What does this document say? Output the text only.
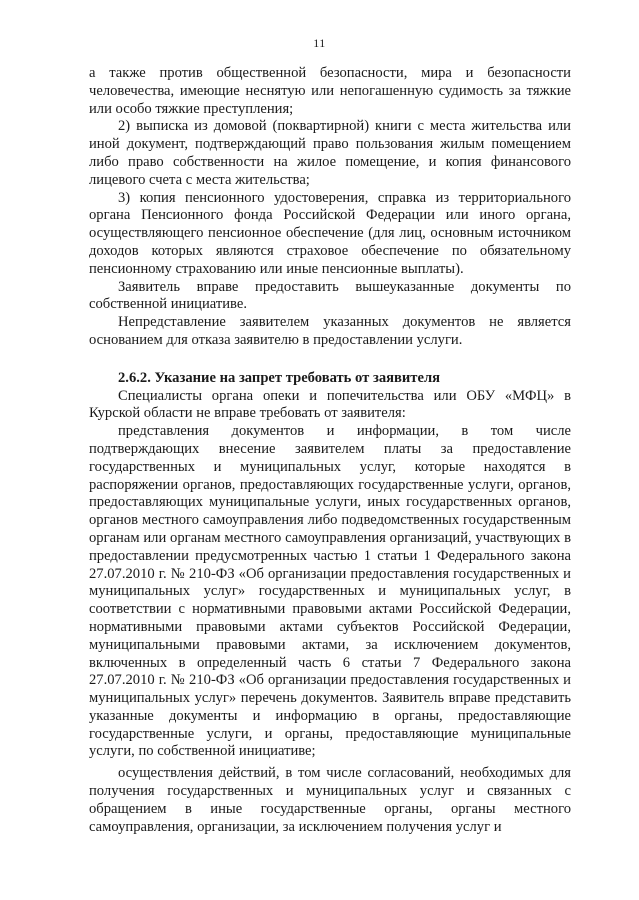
11

а также против общественной безопасности, мира и безопасности человечества, имеющие неснятую или непогашенную судимость за тяжкие или особо тяжкие преступления;

2) выписка из домовой (поквартирной) книги с места жительства или иной документ, подтверждающий право пользования жилым помещением либо право собственности на жилое помещение, и копия финансового лицевого счета с места жительства;

3) копия пенсионного удостоверения, справка из территориального органа Пенсионного фонда Российской Федерации или иного органа, осуществляющего пенсионное обеспечение (для лиц, основным источником доходов которых являются страховое обеспечение по обязательному пенсионному страхованию или иные пенсионные выплаты).

Заявитель вправе предоставить вышеуказанные документы по собственной инициативе.

Непредставление заявителем указанных документов не является основанием для отказа заявителю в предоставлении услуги.

2.6.2. Указание на запрет требовать от заявителя

Специалисты органа опеки и попечительства или ОБУ «МФЦ» в Курской области не вправе требовать от заявителя:

представления документов и информации, в том числе подтверждающих внесение заявителем платы за предоставление государственных и муниципальных услуг, которые находятся в распоряжении органов, предоставляющих государственные услуги, органов, предоставляющих муниципальные услуги, иных государственных органов, органов местного самоуправления либо подведомственных государственным органам или органам местного самоуправления организаций, участвующих в предоставлении предусмотренных частью 1 статьи 1 Федерального закона 27.07.2010 г. № 210-ФЗ «Об организации предоставления государственных и муниципальных услуг» государственных и муниципальных услуг, в соответствии с нормативными правовыми актами Российской Федерации, нормативными правовыми актами субъектов Российской Федерации, муниципальными правовыми актами, за исключением документов, включенных в определенный часть 6 статьи 7 Федерального закона 27.07.2010 г. № 210-ФЗ «Об организации предоставления государственных и муниципальных услуг» перечень документов. Заявитель вправе представить указанные документы и информацию в органы, предоставляющие государственные услуги, и органы, предоставляющие муниципальные услуги, по собственной инициативе;

осуществления действий, в том числе согласований, необходимых для получения государственных и муниципальных услуг и связанных с обращением в иные государственные органы, органы местного самоуправления, организации, за исключением получения услуг и
